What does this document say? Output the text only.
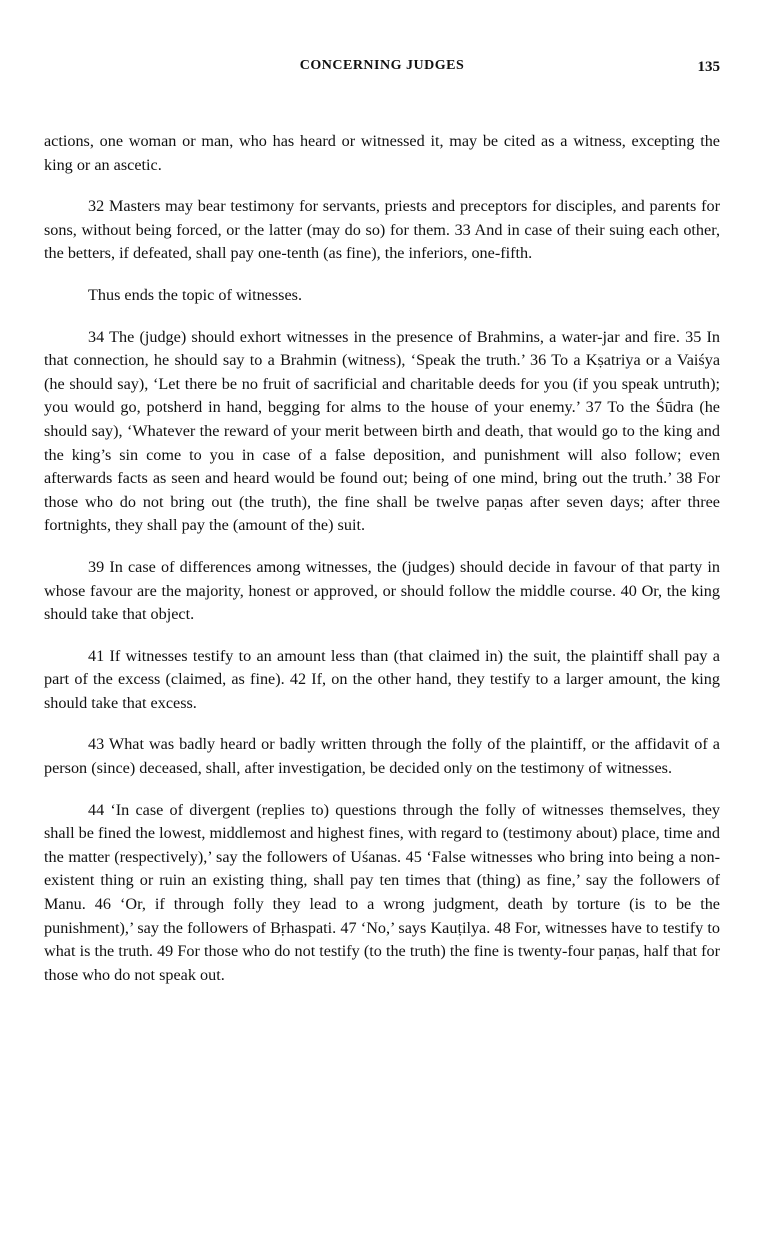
CONCERNING JUDGES	135

actions, one woman or man, who has heard or witnessed it, may be cited as a witness, excepting the king or an ascetic.

32 Masters may bear testimony for servants, priests and preceptors for disciples, and parents for sons, without being forced, or the latter (may do so) for them. 33 And in case of their suing each other, the betters, if defeated, shall pay one-tenth (as fine), the inferiors, one-fifth.

Thus ends the topic of witnesses.

34 The (judge) should exhort witnesses in the presence of Brahmins, a water-jar and fire. 35 In that connection, he should say to a Brahmin (witness), ‘Speak the truth.’ 36 To a Kṣatriya or a Vaiśya (he should say), ‘Let there be no fruit of sacrificial and charitable deeds for you (if you speak untruth); you would go, potsherd in hand, begging for alms to the house of your enemy.’ 37 To the Śūdra (he should say), ‘Whatever the reward of your merit between birth and death, that would go to the king and the king’s sin come to you in case of a false deposition, and punishment will also follow; even afterwards facts as seen and heard would be found out; being of one mind, bring out the truth.’ 38 For those who do not bring out (the truth), the fine shall be twelve paṇas after seven days; after three fortnights, they shall pay the (amount of the) suit.

39 In case of differences among witnesses, the (judges) should decide in favour of that party in whose favour are the majority, honest or approved, or should follow the middle course. 40 Or, the king should take that object.

41 If witnesses testify to an amount less than (that claimed in) the suit, the plaintiff shall pay a part of the excess (claimed, as fine). 42 If, on the other hand, they testify to a larger amount, the king should take that excess.

43 What was badly heard or badly written through the folly of the plaintiff, or the affidavit of a person (since) deceased, shall, after investigation, be decided only on the testimony of witnesses.

44 ‘In case of divergent (replies to) questions through the folly of witnesses themselves, they shall be fined the lowest, middlemost and highest fines, with regard to (testimony about) place, time and the matter (respectively),’ say the followers of Uśanas. 45 ‘False witnesses who bring into being a non-existent thing or ruin an existing thing, shall pay ten times that (thing) as fine,’ say the followers of Manu. 46 ‘Or, if through folly they lead to a wrong judgment, death by torture (is to be the punishment),’ say the followers of Bṛhaspati. 47 ‘No,’ says Kauṭilya. 48 For, witnesses have to testify to what is the truth. 49 For those who do not testify (to the truth) the fine is twenty-four paṇas, half that for those who do not speak out.
